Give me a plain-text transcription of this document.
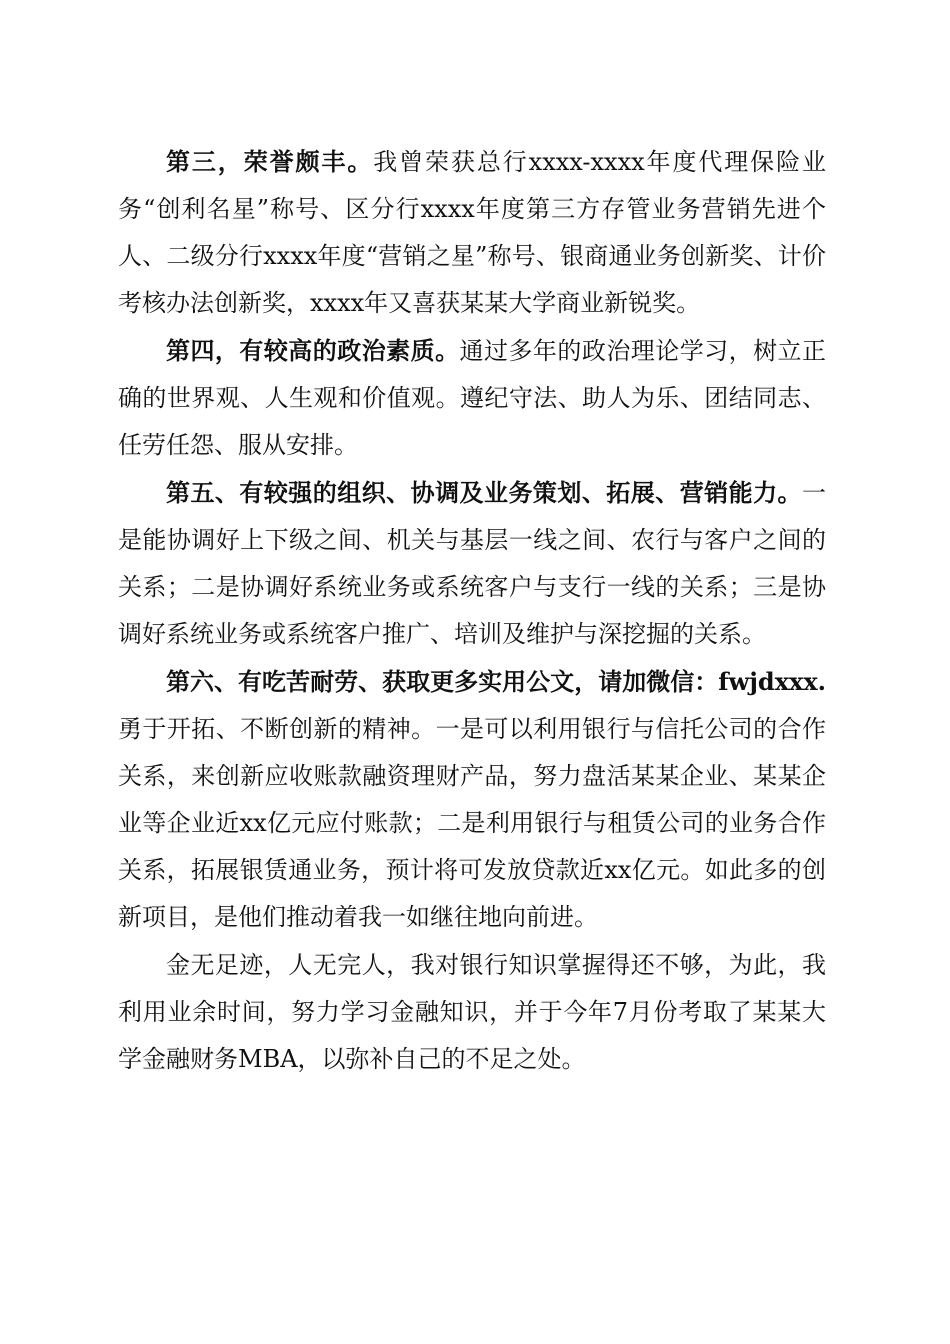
第三，荣誉颇丰。我曾荣获总行xxxx-xxxx年度代理保险业务“创利名星”称号、区分行xxxx年度第三方存管业务营销先进个人、二级分行xxxx年度“营销之星”称号、银商通业务创新奖、计价考核办法创新奖，xxxx年又喜获某某大学商业新锐奖。

第四，有较高的政治素质。通过多年的政治理论学习，树立正确的世界观、人生观和价值观。遵纪守法、助人为乐、团结同志、任劳任怨、服从安排。

第五、有较强的组织、协调及业务策划、拓展、营销能力。一是能协调好上下级之间、机关与基层一线之间、农行与客户之间的关系；二是协调好系统业务或系统客户与支行一线的关系；三是协调好系统业务或系统客户推广、培训及维护与深挖掘的关系。

第六、有吃苦耐劳、获取更多实用公文，请加微信：fwjdxxx.勇于开拓、不断创新的精神。一是可以利用银行与信托公司的合作关系，来创新应收账款融资理财产品，努力盘活某某企业、某某企业等企业近xx亿元应付账款；二是利用银行与租赁公司的业务合作关系，拓展银赁通业务，预计将可发放贷款近xx亿元。如此多的创新项目，是他们推动着我一如继往地向前进。

金无足迹，人无完人，我对银行知识掌握得还不够，为此，我利用业余时间，努力学习金融知识，并于今年7月份考取了某某大学金融财务MBA，以弥补自己的不足之处。
